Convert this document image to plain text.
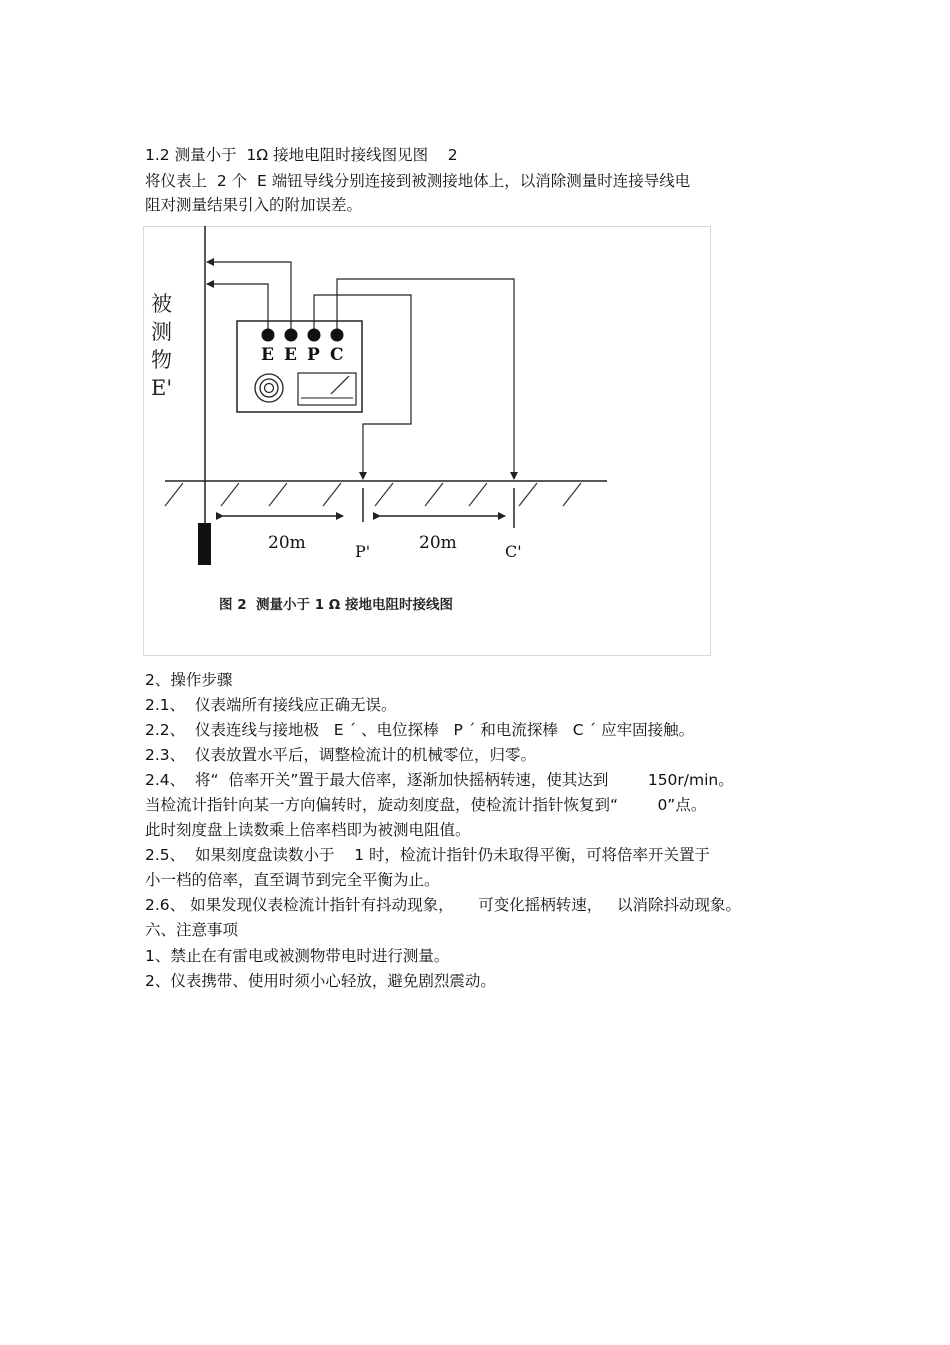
1.2 测量小于  1Ω 接地电阻时接线图见图    2
将仪表上  2 个  E 端钮导线分别连接到被测接地体上，以消除测量时连接导线电
阻对测量结果引入的附加误差。
被
测
物
E'
E E P C
20m	20m
P'	C'
图 2  测量小于 1 Ω 接地电阻时接线图
2、操作步骤
2.1、  仪表端所有接线应正确无误。
2.2、  仪表连线与接地极   E ˊ 、电位探棒   P ˊ 和电流探棒   C ˊ 应牢固接触。
2.3、  仪表放置水平后，调整检流计的机械零位，归零。
2.4、  将“  倍率开关”置于最大倍率，逐渐加快摇柄转速，使其达到        150r/min。
当检流计指针向某一方向偏转时，旋动刻度盘，使检流计指针恢复到“        0”点。
此时刻度盘上读数乘上倍率档即为被测电阻值。
2.5、  如果刻度盘读数小于    1 时，检流计指针仍未取得平衡，可将倍率开关置于
小一档的倍率，直至调节到完全平衡为止。
2.6、 如果发现仪表检流计指针有抖动现象，     可变化摇柄转速，   以消除抖动现象。
六、注意事项
1、禁止在有雷电或被测物带电时进行测量。
2、仪表携带、使用时须小心轻放，避免剧烈震动。
